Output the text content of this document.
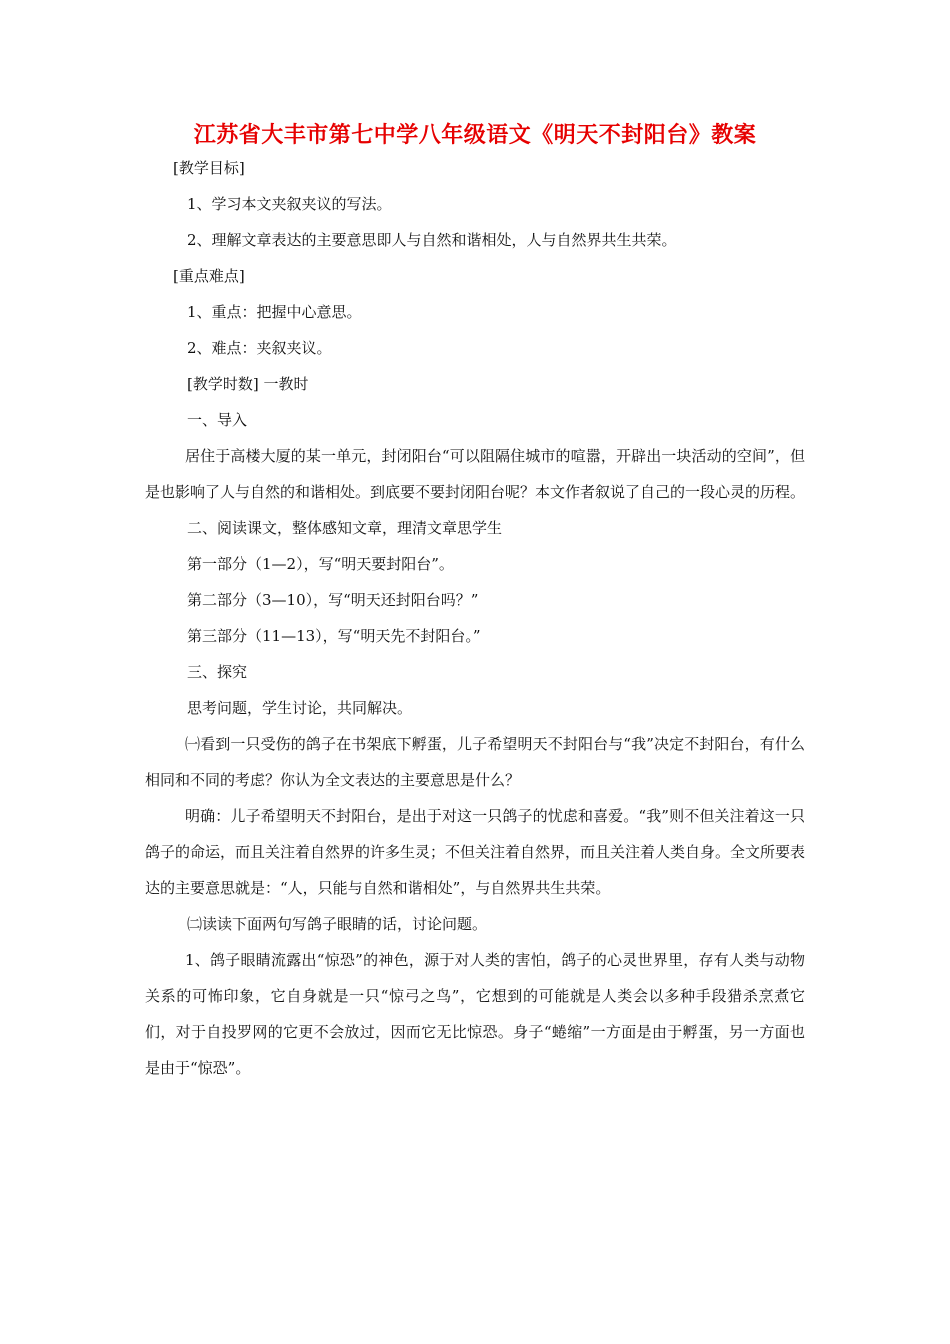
江苏省大丰市第七中学八年级语文《明天不封阳台》教案

[教学目标]

1、学习本文夹叙夹议的写法。

2、理解文章表达的主要意思即人与自然和谐相处，人与自然界共生共荣。

[重点难点]

1、重点：把握中心意思。

2、难点：夹叙夹议。

[教学时数] 一教时

一、导入

居住于高楼大厦的某一单元，封闭阳台“可以阻隔住城市的喧嚣，开辟出一块活动的空间”，但是也影响了人与自然的和谐相处。到底要不要封闭阳台呢？本文作者叙说了自己的一段心灵的历程。

二、阅读课文，整体感知文章，理清文章思学生

第一部分（1—2），写“明天要封阳台”。

第二部分（3—10），写“明天还封阳台吗？”

第三部分（11—13），写“明天先不封阳台。”

三、探究

思考问题，学生讨论，共同解决。

㈠看到一只受伤的鸽子在书架底下孵蛋，儿子希望明天不封阳台与“我”决定不封阳台，有什么相同和不同的考虑？你认为全文表达的主要意思是什么？

明确：儿子希望明天不封阳台，是出于对这一只鸽子的忧虑和喜爱。“我”则不但关注着这一只鸽子的命运，而且关注着自然界的许多生灵；不但关注着自然界，而且关注着人类自身。全文所要表达的主要意思就是：“人，只能与自然和谐相处”，与自然界共生共荣。

㈡读读下面两句写鸽子眼睛的话，讨论问题。

1、鸽子眼睛流露出“惊恐”的神色，源于对人类的害怕，鸽子的心灵世界里，存有人类与动物关系的可怖印象，它自身就是一只“惊弓之鸟”，它想到的可能就是人类会以多种手段猎杀烹煮它们，对于自投罗网的它更不会放过，因而它无比惊恐。身子“蜷缩”一方面是由于孵蛋，另一方面也是由于“惊恐”。
